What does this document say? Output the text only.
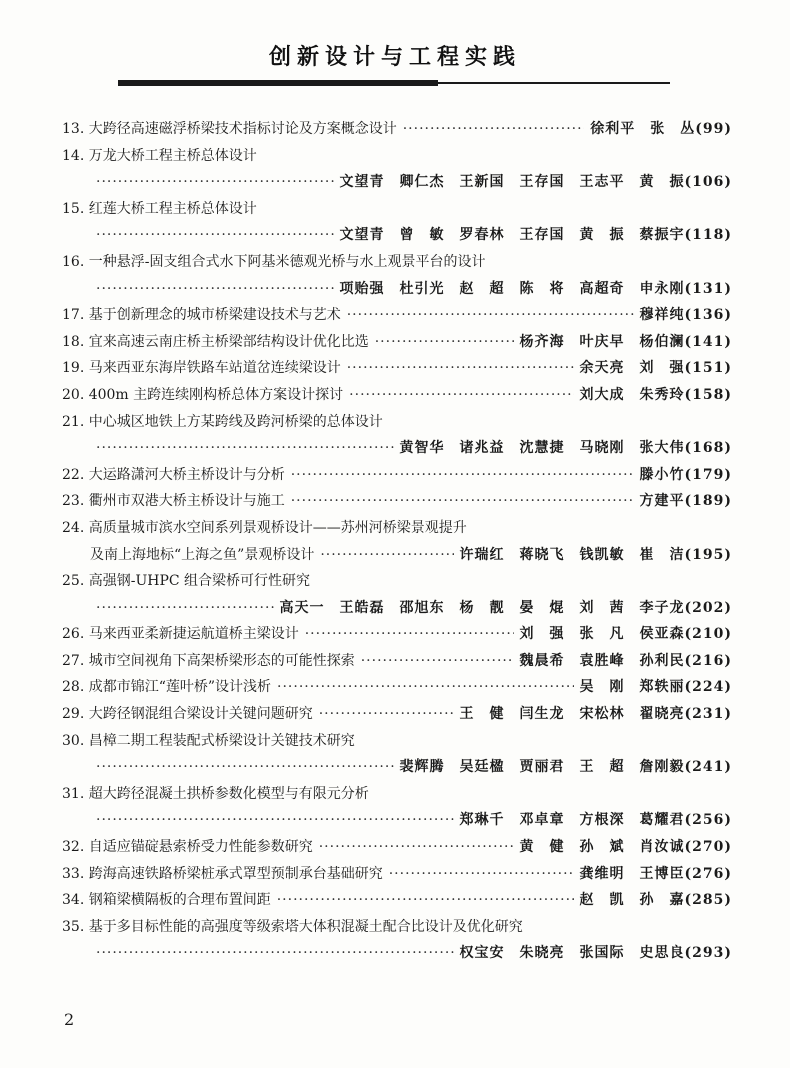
创新设计与工程实践
13. 大跨径高速磁浮桥梁技术指标讨论及方案概念设计 ·····	徐利平　张　丛(99)
14. 万龙大桥工程主桥总体设计
·····
文望青　卿仁杰　王新国　王存国　王志平　黄　振(106)
15. 红莲大桥工程主桥总体设计
·····
文望青　曾　敏　罗春林　王存国　黄　振　蔡振宇(118)
16. 一种悬浮-固支组合式水下阿基米德观光桥与水上观景平台的设计
·····
项贻强　杜引光　赵　超　陈　将　高超奇　申永刚(131)
17. 基于创新理念的城市桥梁建设技术与艺术 ·····	穆祥纯(136)
18. 宜来高速云南庄桥主桥梁部结构设计优化比选 ·····	杨齐海　叶庆早　杨伯澜(141)
19. 马来西亚东海岸铁路车站道岔连续梁设计 ·····	余天亮　刘　强(151)
20. 400m 主跨连续刚构桥总体方案设计探讨 ·····	刘大成　朱秀玲(158)
21. 中心城区地铁上方某跨线及跨河桥梁的总体设计
·····
黄智华　诸兆益　沈慧捷　马晓刚　张大伟(168)
22. 大运路潇河大桥主桥设计与分析 ·····	滕小竹(179)
23. 衢州市双港大桥主桥设计与施工 ·····	方建平(189)
24. 高质量城市滨水空间系列景观桥设计——苏州河桥梁景观提升
及南上海地标“上海之鱼”景观桥设计 ·····	许瑞红　蒋晓飞　钱凯敏　崔　洁(195)
25. 高强钢-UHPC 组合梁桥可行性研究
·····
高天一　王皓磊　邵旭东　杨　靓　晏　焜　刘　茜　李子龙(202)
26. 马来西亚柔新捷运航道桥主梁设计 ·····	刘　强　张　凡　侯亚森(210)
27. 城市空间视角下高架桥梁形态的可能性探索 ·····	魏晨希　袁胜峰　孙利民(216)
28. 成都市锦江“莲叶桥”设计浅析 ·····	吴　刚　郑轶丽(224)
29. 大跨径钢混组合梁设计关键问题研究 ·····	王　健　闫生龙　宋松林　翟晓亮(231)
30. 昌樟二期工程装配式桥梁设计关键技术研究
·····
裴辉腾　吴廷楹　贾丽君　王　超　詹刚毅(241)
31. 超大跨径混凝土拱桥参数化模型与有限元分析
·····
郑琳千　邓卓章　方根深　葛耀君(256)
32. 自适应锚碇悬索桥受力性能参数研究 ·····	黄　健　孙　斌　肖汝诚(270)
33. 跨海高速铁路桥梁桩承式罩型预制承台基础研究 ·····	龚维明　王博臣(276)
34. 钢箱梁横隔板的合理布置间距 ·····	赵　凯　孙　嘉(285)
35. 基于多目标性能的高强度等级索塔大体积混凝土配合比设计及优化研究
·····
权宝安　朱晓亮　张国际　史思良(293)
2
